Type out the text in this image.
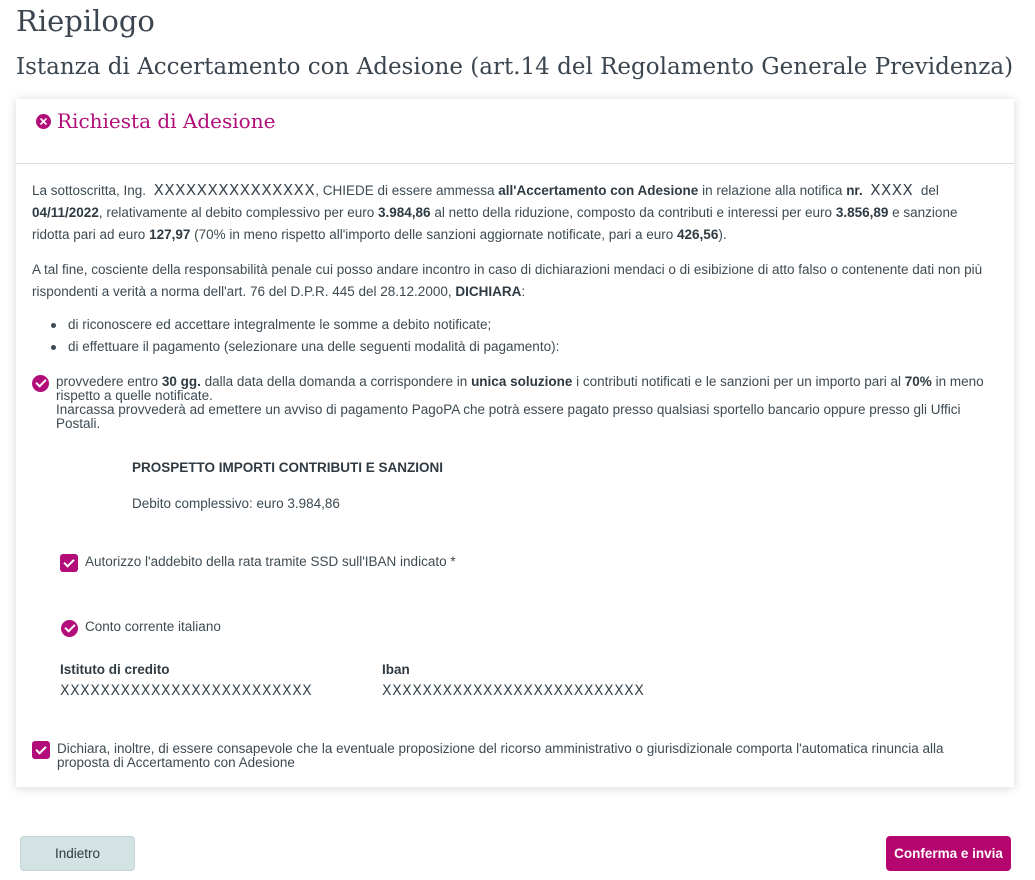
Riepilogo
Istanza di Accertamento con Adesione (art.14 del Regolamento Generale Previdenza)
Richiesta di Adesione
La sottoscritta, Ing. XXXXXXXXXXXXXXX, CHIEDE di essere ammessa all'Accertamento con Adesione in relazione alla notifica nr. XXXX del 04/11/2022, relativamente al debito complessivo per euro 3.984,86 al netto della riduzione, composto da contributi e interessi per euro 3.856,89 e sanzione ridotta pari ad euro 127,97 (70% in meno rispetto all'importo delle sanzioni aggiornate notificate, pari a euro 426,56).
A tal fine, cosciente della responsabilità penale cui posso andare incontro in caso di dichiarazioni mendaci o di esibizione di atto falso o contenente dati non più rispondenti a verità a norma dell'art. 76 del D.P.R. 445 del 28.12.2000, DICHIARA:
di riconoscere ed accettare integralmente le somme a debito notificate;
di effettuare il pagamento (selezionare una delle seguenti modalità di pagamento):
provvedere entro 30 gg. dalla data della domanda a corrispondere in unica soluzione i contributi notificati e le sanzioni per un importo pari al 70% in meno rispetto a quelle notificate.
Inarcassa provvederà ad emettere un avviso di pagamento PagoPA che potrà essere pagato presso qualsiasi sportello bancario oppure presso gli Uffici Postali.
PROSPETTO IMPORTI CONTRIBUTI E SANZIONI
Debito complessivo: euro 3.984,86
Autorizzo l'addebito della rata tramite SSD sull'IBAN indicato *
Conto corrente italiano
Istituto di credito
XXXXXXXXXXXXXXXXXXXXXXXXX
Iban
XXXXXXXXXXXXXXXXXXXXXXXXXX
Dichiara, inoltre, di essere consapevole che la eventuale proposizione del ricorso amministrativo o giurisdizionale comporta l'automatica rinuncia alla proposta di Accertamento con Adesione
Indietro	Conferma e invia
